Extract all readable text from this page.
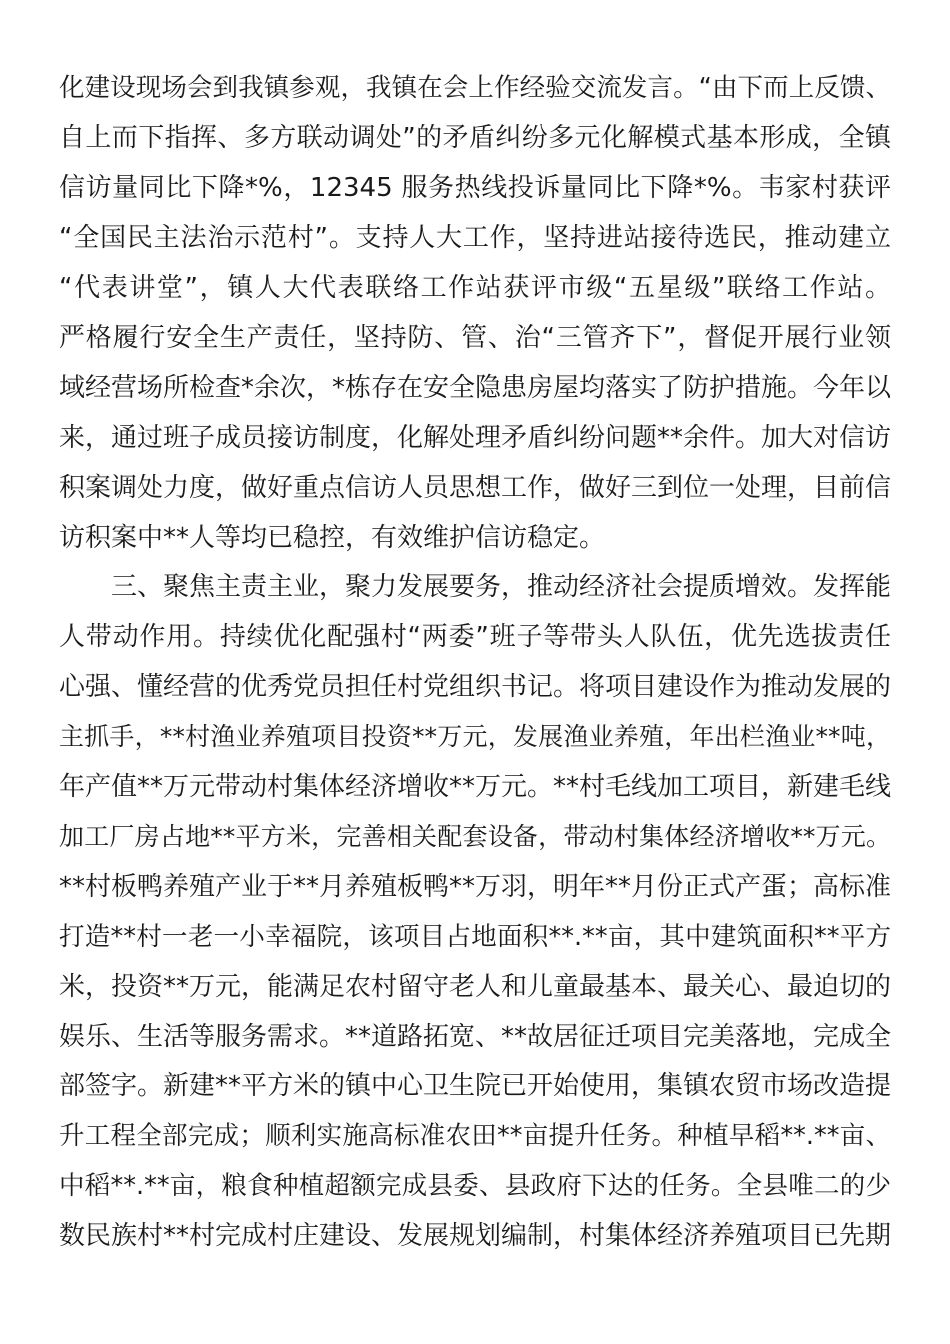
化建设现场会到我镇参观，我镇在会上作经验交流发言。“由下而上反馈、
自上而下指挥、多方联动调处”的矛盾纠纷多元化解模式基本形成，全镇
信访量同比下降*%，12345 服务热线投诉量同比下降*%。韦家村获评
“全国民主法治示范村”。支持人大工作，坚持进站接待选民，推动建立
“代表讲堂”，镇人大代表联络工作站获评市级“五星级”联络工作站。
严格履行安全生产责任，坚持防、管、治“三管齐下”，督促开展行业领
域经营场所检查*余次，*栋存在安全隐患房屋均落实了防护措施。今年以
来，通过班子成员接访制度，化解处理矛盾纠纷问题**余件。加大对信访
积案调处力度，做好重点信访人员思想工作，做好三到位一处理，目前信
访积案中**人等均已稳控，有效维护信访稳定。
三、聚焦主责主业，聚力发展要务，推动经济社会提质增效。发挥能
人带动作用。持续优化配强村“两委”班子等带头人队伍，优先选拔责任
心强、懂经营的优秀党员担任村党组织书记。将项目建设作为推动发展的
主抓手，**村渔业养殖项目投资**万元，发展渔业养殖，年出栏渔业**吨，
年产值**万元带动村集体经济增收**万元。**村毛线加工项目，新建毛线
加工厂房占地**平方米，完善相关配套设备，带动村集体经济增收**万元。
**村板鸭养殖产业于**月养殖板鸭**万羽，明年**月份正式产蛋；高标准
打造**村一老一小幸福院，该项目占地面积**.**亩，其中建筑面积**平方
米，投资**万元，能满足农村留守老人和儿童最基本、最关心、最迫切的
娱乐、生活等服务需求。**道路拓宽、**故居征迁项目完美落地，完成全
部签字。新建**平方米的镇中心卫生院已开始使用，集镇农贸市场改造提
升工程全部完成；顺利实施高标准农田**亩提升任务。种植早稻**.**亩、
中稻**.**亩，粮食种植超额完成县委、县政府下达的任务。全县唯二的少
数民族村**村完成村庄建设、发展规划编制，村集体经济养殖项目已先期
